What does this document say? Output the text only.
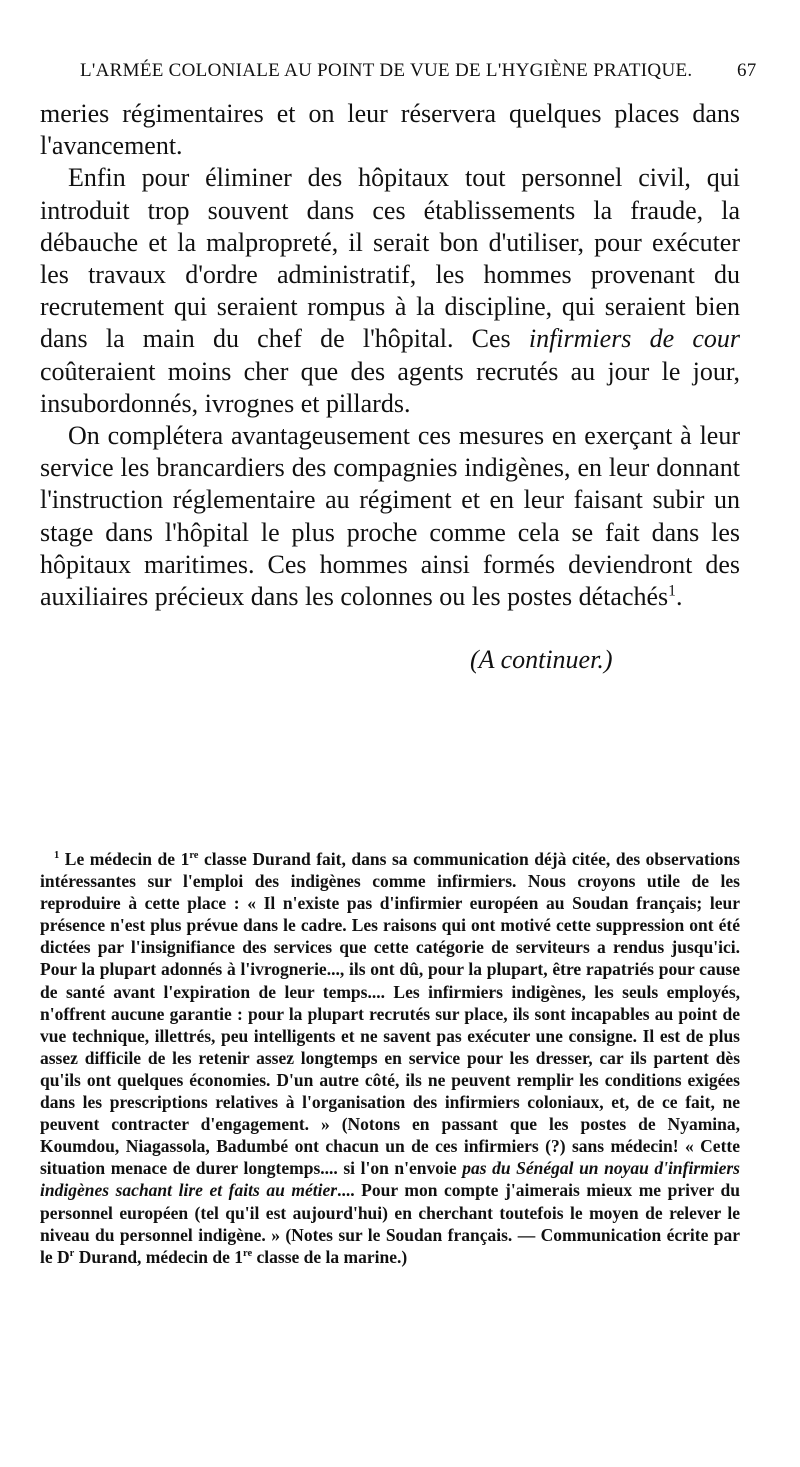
L'ARMÉE COLONIALE AU POINT DE VUE DE L'HYGIÈNE PRATIQUE. 67

meries régimentaires et on leur réservera quelques places dans l'avancement.

Enfin pour éliminer des hôpitaux tout personnel civil, qui introduit trop souvent dans ces établissements la fraude, la débauche et la malpropreté, il serait bon d'utiliser, pour exécuter les travaux d'ordre administratif, les hommes provenant du recrutement qui seraient rompus à la discipline, qui seraient bien dans la main du chef de l'hôpital. Ces infirmiers de cour coûteraient moins cher que des agents recrutés au jour le jour, insubordonnés, ivrognes et pillards.

On complétera avantageusement ces mesures en exerçant à leur service les brancardiers des compagnies indigènes, en leur donnant l'instruction réglementaire au régiment et en leur faisant subir un stage dans l'hôpital le plus proche comme cela se fait dans les hôpitaux maritimes. Ces hommes ainsi formés deviendront des auxiliaires précieux dans les colonnes ou les postes détachés$^1$.

(A continuer.)

$^1$ Le médecin de 1re classe Durand fait, dans sa communication déjà citée, des observations intéressantes sur l'emploi des indigènes comme infirmiers. Nous croyons utile de les reproduire à cette place : « Il n'existe pas d'infirmier européen au Soudan français; leur présence n'est plus prévue dans le cadre. Les raisons qui ont motivé cette suppression ont été dictées par l'insignifiance des services que cette catégorie de serviteurs a rendus jusqu'ici. Pour la plupart adonnés à l'ivrognerie..., ils ont dû, pour la plupart, être rapatriés pour cause de santé avant l'expiration de leur temps.... Les infirmiers indigènes, les seuls employés, n'offrent aucune garantie : pour la plupart recrutés sur place, ils sont incapables au point de vue technique, illettrés, peu intelligents et ne savent pas exécuter une consigne. Il est de plus assez difficile de les retenir assez longtemps en service pour les dresser, car ils partent dès qu'ils ont quelques économies. D'un autre côté, ils ne peuvent remplir les conditions exigées dans les prescriptions relatives à l'organisation des infirmiers coloniaux, et, de ce fait, ne peuvent contracter d'engagement. » (Notons en passant que les postes de Nyamina, Koumdou, Niagassola, Badumbé ont chacun un de ces infirmiers (?) sans médecin! « Cette situation menace de durer longtemps.... si l'on n'envoie pas du Sénégal un noyau d'infirmiers indigènes sachant lire et faits au métier.... Pour mon compte j'aimerais mieux me priver du personnel européen (tel qu'il est aujourd'hui) en cherchant toutefois le moyen de relever le niveau du personnel indigène. » (Notes sur le Soudan français. — Communication écrite par le $D^r$ Durand, médecin de 1re classe de la marine.)
